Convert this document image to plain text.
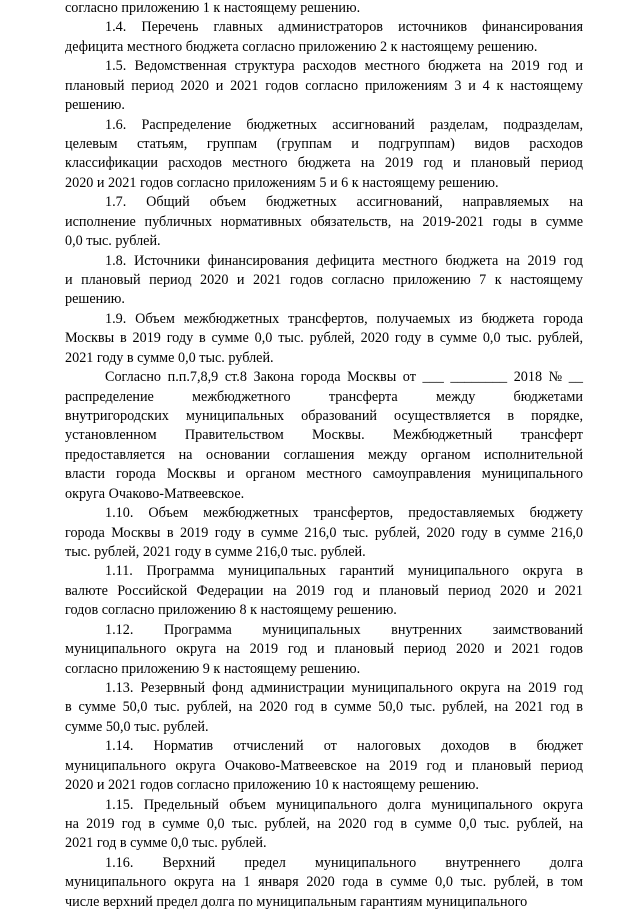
согласно приложению 1 к настоящему решению.
1.4. Перечень главных администраторов источников финансирования
дефицита местного бюджета согласно приложению 2 к настоящему решению.
1.5. Ведомственная структура расходов местного бюджета на 2019 год и
плановый период 2020 и 2021 годов согласно приложениям 3 и 4 к настоящему
решению.
1.6. Распределение бюджетных ассигнований разделам, подразделам,
целевым статьям, группам (группам и подгруппам) видов расходов
классификации расходов местного бюджета на 2019 год и плановый период
2020 и 2021 годов согласно приложениям 5 и 6 к настоящему решению.
1.7. Общий объем бюджетных ассигнований, направляемых на
исполнение публичных нормативных обязательств, на 2019-2021 годы в сумме
0,0 тыс. рублей.
1.8. Источники финансирования дефицита местного бюджета на 2019 год
и плановый период 2020 и 2021 годов согласно приложению 7 к настоящему
решению.
1.9. Объем межбюджетных трансфертов, получаемых из бюджета города
Москвы в 2019 году в сумме 0,0 тыс. рублей, 2020 году в сумме 0,0 тыс. рублей,
2021 году в сумме 0,0 тыс. рублей.
Согласно п.п.7,8,9 ст.8 Закона города Москвы от ___ ________ 2018 № __
распределение межбюджетного трансферта между бюджетами
внутригородских муниципальных образований осуществляется в порядке,
установленном Правительством Москвы. Межбюджетный трансферт
предоставляется на основании соглашения между органом исполнительной
власти города Москвы и органом местного самоуправления муниципального
округа Очаково-Матвеевское.
1.10. Объем межбюджетных трансфертов, предоставляемых бюджету
города Москвы в 2019 году в сумме 216,0 тыс. рублей, 2020 году в сумме 216,0
тыс. рублей, 2021 году в сумме 216,0 тыс. рублей.
1.11. Программа муниципальных гарантий муниципального округа в
валюте Российской Федерации на 2019 год и плановый период 2020 и 2021
годов согласно приложению 8 к настоящему решению.
1.12. Программа муниципальных внутренних заимствований
муниципального округа на 2019 год и плановый период 2020 и 2021 годов
согласно приложению 9 к настоящему решению.
1.13. Резервный фонд администрации муниципального округа на 2019 год
в сумме 50,0 тыс. рублей, на 2020 год в сумме 50,0 тыс. рублей, на 2021 год в
сумме 50,0 тыс. рублей.
1.14. Норматив отчислений от налоговых доходов в бюджет
муниципального округа Очаково-Матвеевское на 2019 год и плановый период
2020 и 2021 годов согласно приложению 10 к настоящему решению.
1.15. Предельный объем муниципального долга муниципального округа
на 2019 год в сумме 0,0 тыс. рублей, на 2020 год в сумме 0,0 тыс. рублей, на
2021 год в сумме 0,0 тыс. рублей.
1.16. Верхний предел муниципального внутреннего долга
муниципального округа на 1 января 2020 года в сумме 0,0 тыс. рублей, в том
числе верхний предел долга по муниципальным гарантиям муниципального
